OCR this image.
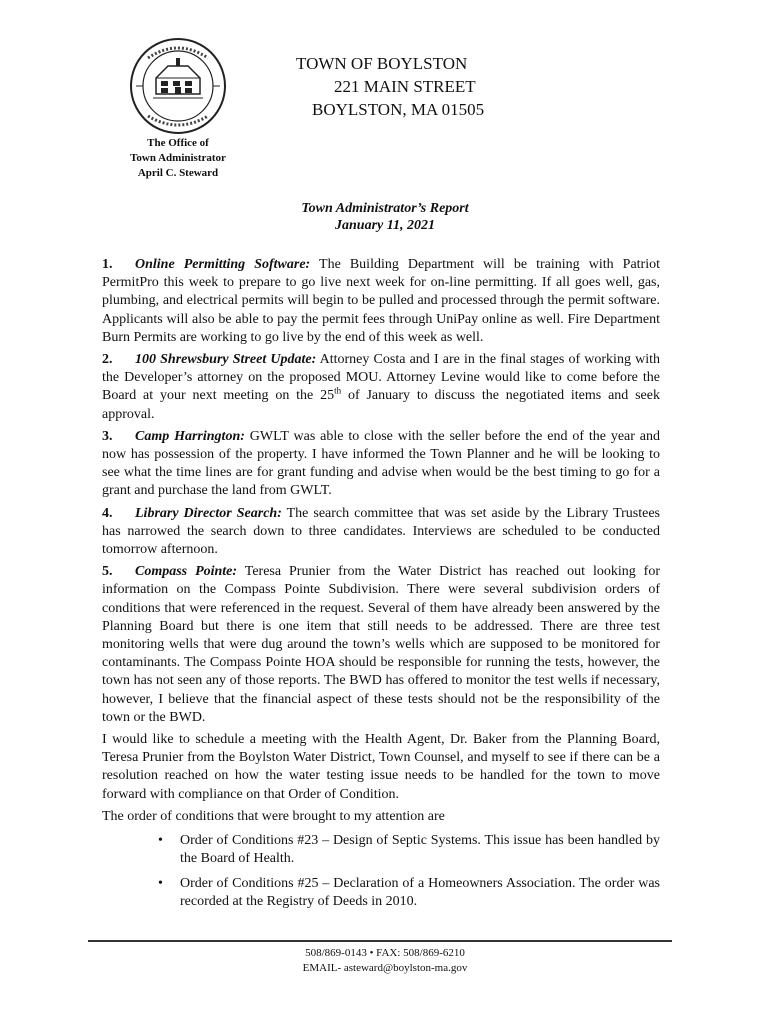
TOWN OF BOYLSTON
221 MAIN STREET
BOYLSTON, MA 01505
The Office of
Town Administrator
April C. Steward
Town Administrator’s Report
January 11, 2021

1. Online Permitting Software: The Building Department will be training with Patriot PermitPro this week to prepare to go live next week for on-line permitting. If all goes well, gas, plumbing, and electrical permits will begin to be pulled and processed through the permit software. Applicants will also be able to pay the permit fees through UniPay online as well. Fire Department Burn Permits are working to go live by the end of this week as well.

2. 100 Shrewsbury Street Update: Attorney Costa and I are in the final stages of working with the Developer’s attorney on the proposed MOU. Attorney Levine would like to come before the Board at your next meeting on the 25th of January to discuss the negotiated items and seek approval.

3. Camp Harrington: GWLT was able to close with the seller before the end of the year and now has possession of the property. I have informed the Town Planner and he will be looking to see what the time lines are for grant funding and advise when would be the best timing to go for a grant and purchase the land from GWLT.

4. Library Director Search: The search committee that was set aside by the Library Trustees has narrowed the search down to three candidates. Interviews are scheduled to be conducted tomorrow afternoon.

5. Compass Pointe: Teresa Prunier from the Water District has reached out looking for information on the Compass Pointe Subdivision. There were several subdivision orders of conditions that were referenced in the request. Several of them have already been answered by the Planning Board but there is one item that still needs to be addressed. There are three test monitoring wells that were dug around the town’s wells which are supposed to be monitored for contaminants. The Compass Pointe HOA should be responsible for running the tests, however, the town has not seen any of those reports. The BWD has offered to monitor the test wells if necessary, however, I believe that the financial aspect of these tests should not be the responsibility of the town or the BWD.

I would like to schedule a meeting with the Health Agent, Dr. Baker from the Planning Board, Teresa Prunier from the Boylston Water District, Town Counsel, and myself to see if there can be a resolution reached on how the water testing issue needs to be handled for the town to move forward with compliance on that Order of Condition.

The order of conditions that were brought to my attention are

• Order of Conditions #23 – Design of Septic Systems. This issue has been handled by the Board of Health.
• Order of Conditions #25 – Declaration of a Homeowners Association. The order was recorded at the Registry of Deeds in 2010.
508/869-0143 • FAX: 508/869-6210
EMAIL- asteward@boylston-ma.gov
